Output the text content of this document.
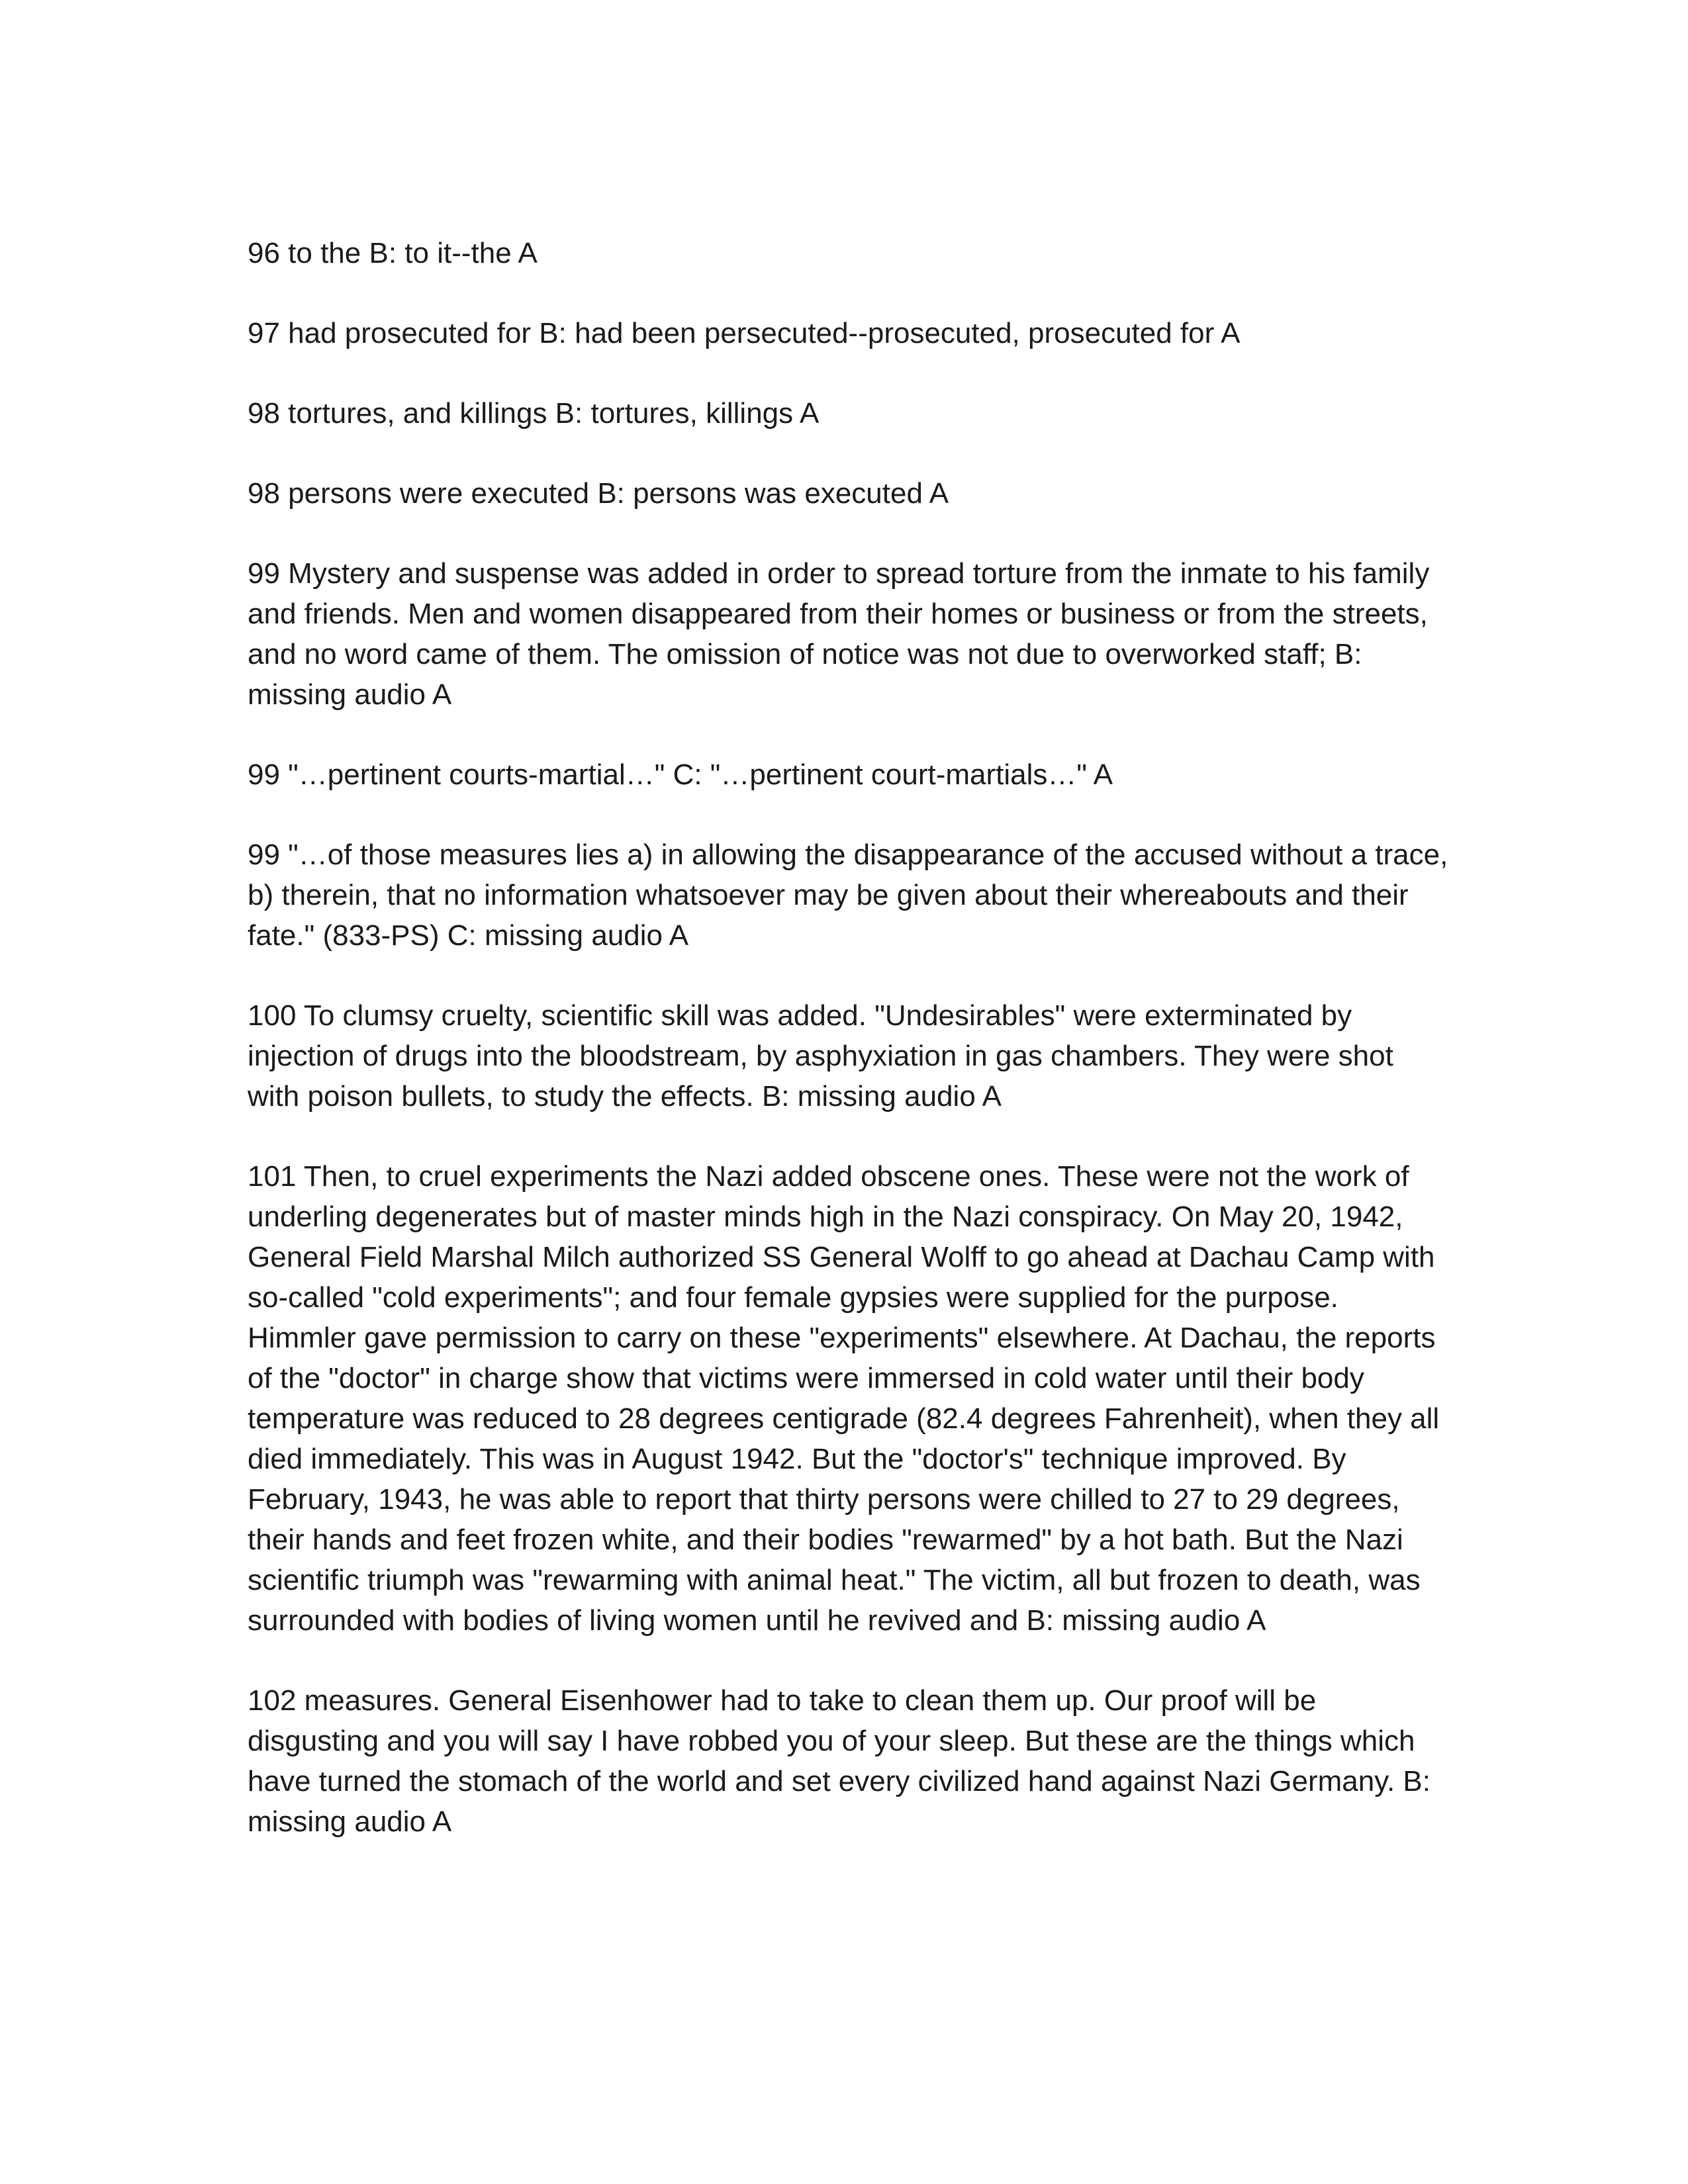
96 to the B: to it--the A

97 had prosecuted for B: had been persecuted--prosecuted, prosecuted for A

98 tortures, and killings B: tortures, killings A

98 persons were executed B: persons was executed A

99 Mystery and suspense was added in order to spread torture from the inmate to his family and friends. Men and women disappeared from their homes or business or from the streets, and no word came of them. The omission of notice was not due to overworked staff; B: missing audio A

99 "…pertinent courts-martial…" C: "…pertinent court-martials…" A

99 "…of those measures lies a) in allowing the disappearance of the accused without a trace, b) therein, that no information whatsoever may be given about their whereabouts and their fate." (833-PS) C: missing audio A

100 To clumsy cruelty, scientific skill was added. "Undesirables" were exterminated by injection of drugs into the bloodstream, by asphyxiation in gas chambers. They were shot with poison bullets, to study the effects. B: missing audio A

101 Then, to cruel experiments the Nazi added obscene ones. These were not the work of underling degenerates but of master minds high in the Nazi conspiracy. On May 20, 1942, General Field Marshal Milch authorized SS General Wolff to go ahead at Dachau Camp with so-called "cold experiments"; and four female gypsies were supplied for the purpose. Himmler gave permission to carry on these "experiments" elsewhere. At Dachau, the reports of the "doctor" in charge show that victims were immersed in cold water until their body temperature was reduced to 28 degrees centigrade (82.4 degrees Fahrenheit), when they all died immediately. This was in August 1942. But the "doctor's" technique improved. By February, 1943, he was able to report that thirty persons were chilled to 27 to 29 degrees, their hands and feet frozen white, and their bodies "rewarmed" by a hot bath. But the Nazi scientific triumph was "rewarming with animal heat." The victim, all but frozen to death, was surrounded with bodies of living women until he revived and B: missing audio A

102 measures. General Eisenhower had to take to clean them up. Our proof will be disgusting and you will say I have robbed you of your sleep. But these are the things which have turned the stomach of the world and set every civilized hand against Nazi Germany. B: missing audio A
